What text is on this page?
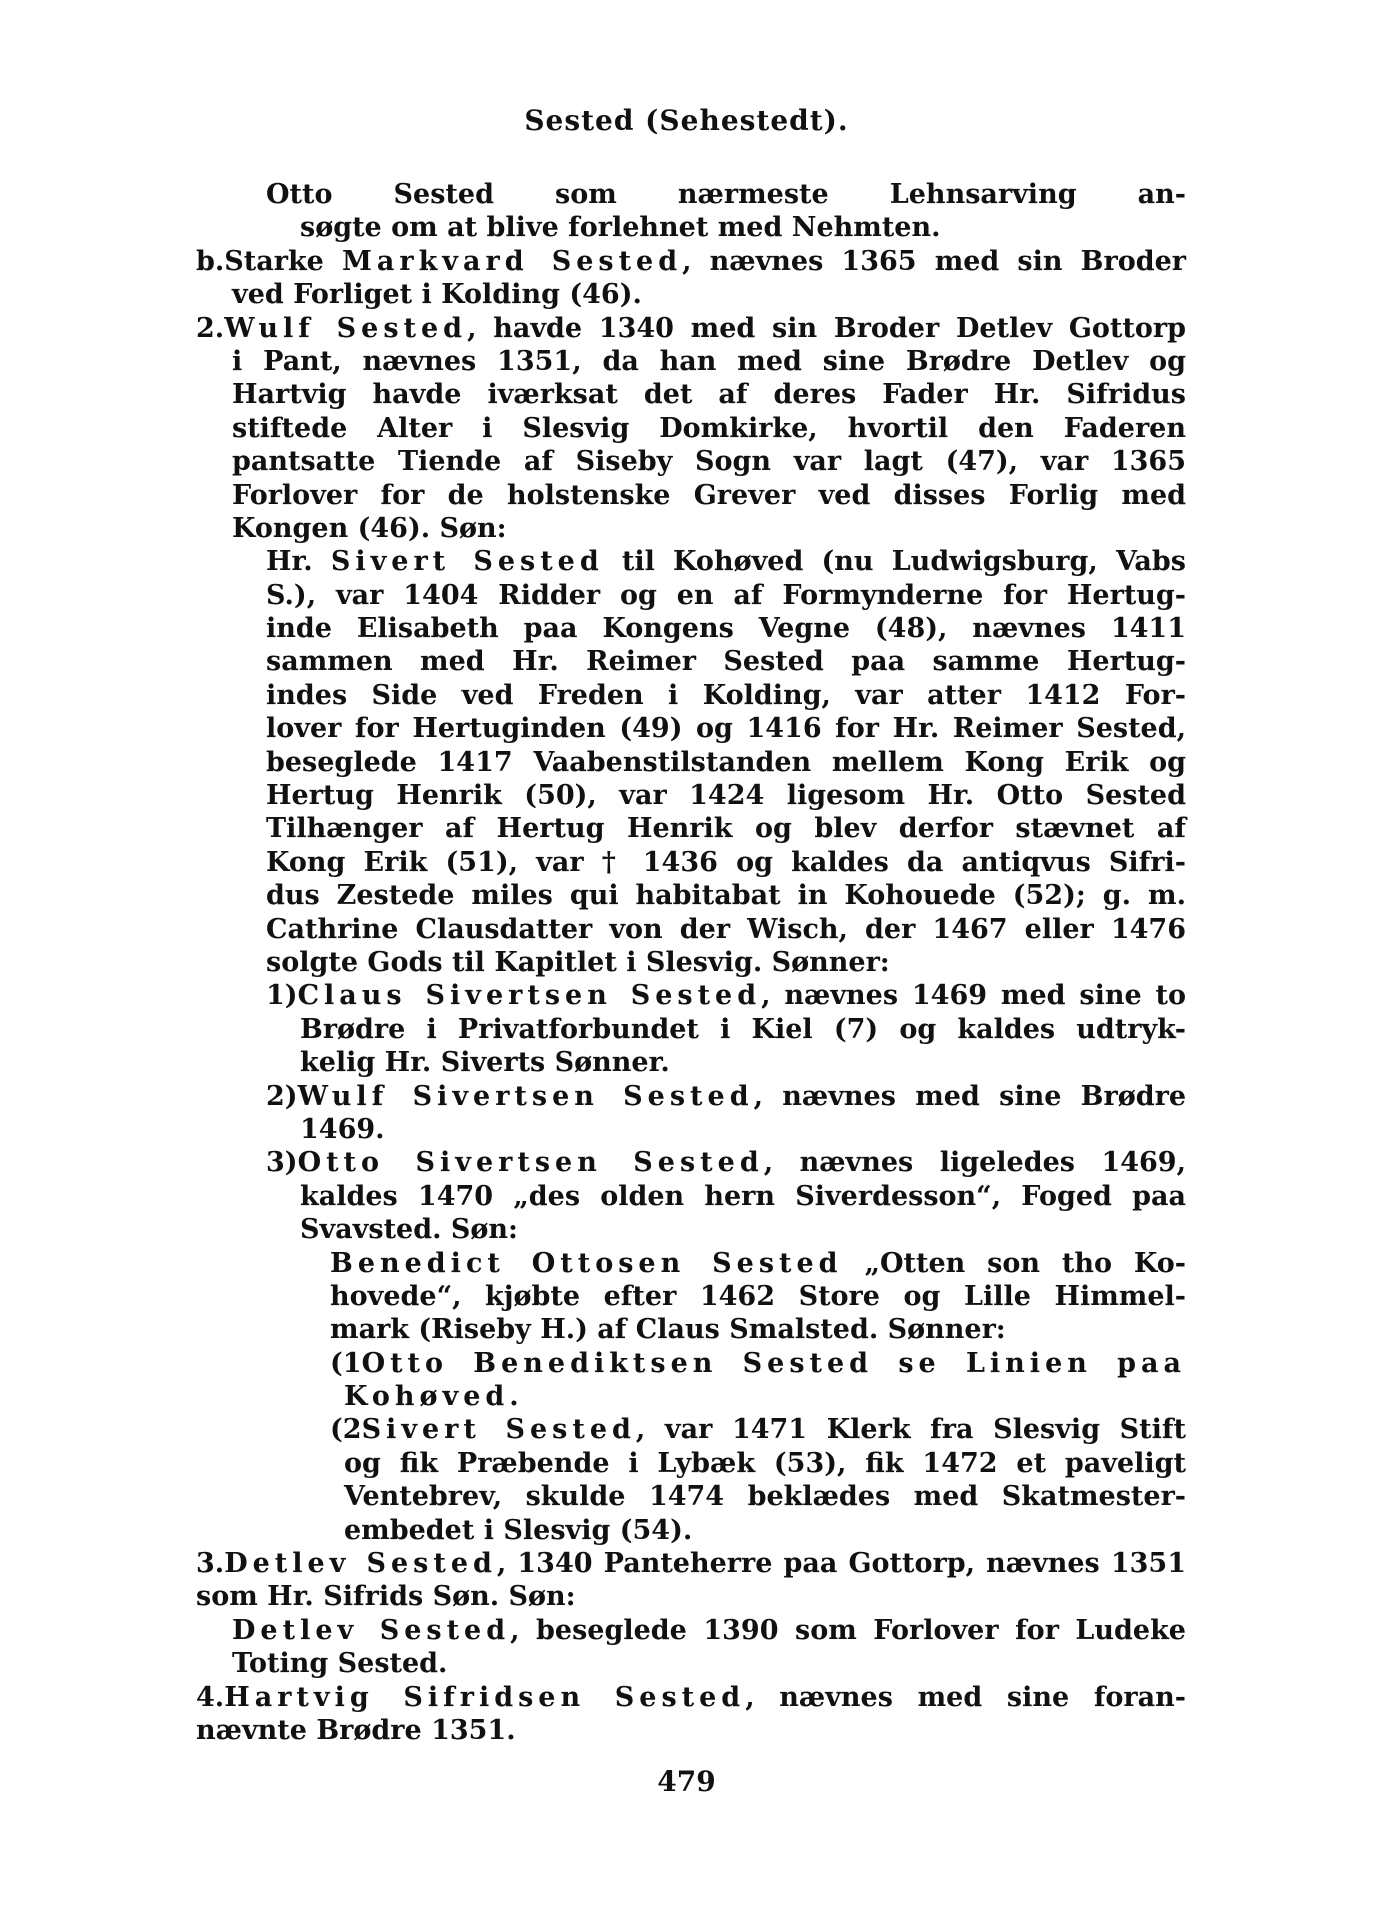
Sested (Sehestedt).
Otto Sested som nærmeste Lehnsarving an-
søgte om at blive forlehnet med Nehmten.
b.Starke Markvard Sested, nævnes 1365 med sin Broder
ved Forliget i Kolding (46).
2.Wulf Sested, havde 1340 med sin Broder Detlev Gottorp
i Pant, nævnes 1351, da han med sine Brødre Detlev og
Hartvig havde iværksat det af deres Fader Hr. Sifridus
stiftede Alter i Slesvig Domkirke, hvortil den Faderen
pantsatte Tiende af Siseby Sogn var lagt (47), var 1365
Forlover for de holstenske Grever ved disses Forlig med
Kongen (46). Søn:
Hr. Sivert Sested til Kohøved (nu Ludwigsburg, Vabs
S.), var 1404 Ridder og en af Formynderne for Hertug-
inde Elisabeth paa Kongens Vegne (48), nævnes 1411
sammen med Hr. Reimer Sested paa samme Hertug-
indes Side ved Freden i Kolding, var atter 1412 For-
lover for Hertuginden (49) og 1416 for Hr. Reimer Sested,
beseglede 1417 Vaabenstilstanden mellem Kong Erik og
Hertug Henrik (50), var 1424 ligesom Hr. Otto Sested
Tilhænger af Hertug Henrik og blev derfor stævnet af
Kong Erik (51), var † 1436 og kaldes da antiqvus Sifri-
dus Zestede miles qui habitabat in Kohouede (52); g. m.
Cathrine Clausdatter von der Wisch, der 1467 eller 1476
solgte Gods til Kapitlet i Slesvig. Sønner:
1)Claus Sivertsen Sested, nævnes 1469 med sine to
Brødre i Privatforbundet i Kiel (7) og kaldes udtryk-
kelig Hr. Siverts Sønner.
2)Wulf Sivertsen Sested, nævnes med sine Brødre
1469.
3)Otto Sivertsen Sested, nævnes ligeledes 1469,
kaldes 1470 „des olden hern Siverdesson“, Foged paa
Svavsted. Søn:
Benedict Ottosen Sested „Otten son tho Ko-
hovede“, kjøbte efter 1462 Store og Lille Himmel-
mark (Riseby H.) af Claus Smalsted. Sønner:
(1Otto Benediktsen Sested se Linien paa
Kohøved.
(2Sivert Sested, var 1471 Klerk fra Slesvig Stift
og fik Præbende i Lybæk (53), fik 1472 et paveligt
Ventebrev, skulde 1474 beklædes med Skatmester-
embedet i Slesvig (54).
3.Detlev Sested, 1340 Panteherre paa Gottorp, nævnes 1351
som Hr. Sifrids Søn. Søn:
Detlev Sested, beseglede 1390 som Forlover for Ludeke
Toting Sested.
4.Hartvig Sifridsen Sested, nævnes med sine foran-
nævnte Brødre 1351.
479
